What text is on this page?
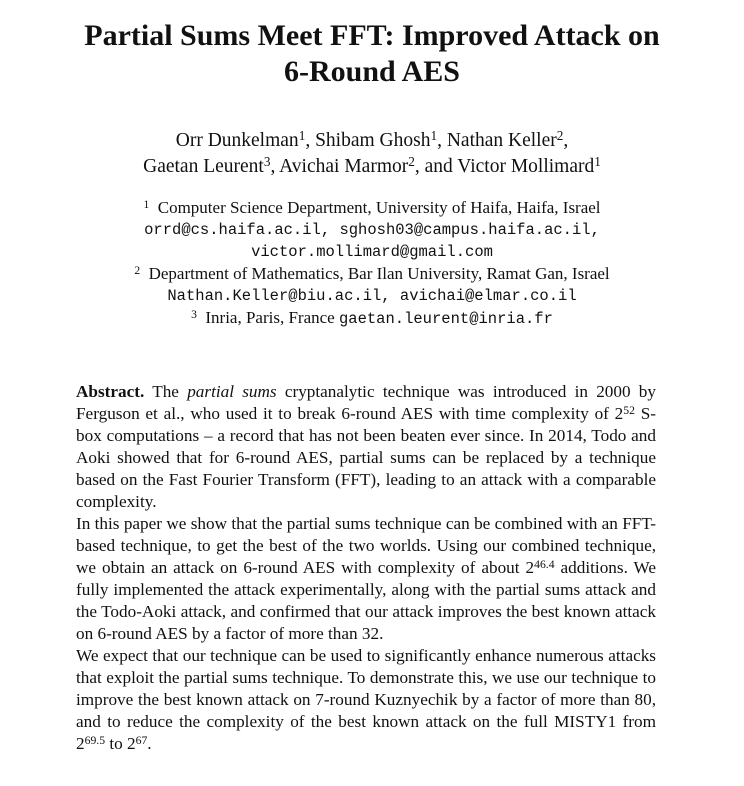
Partial Sums Meet FFT: Improved Attack on
6-Round AES
Orr Dunkelman$^1$, Shibam Ghosh$^1$, Nathan Keller$^2$,
Gaetan Leurent$^3$, Avichai Marmor$^2$, and Victor Mollimard$^1$
$^1$ Computer Science Department, University of Haifa, Haifa, Israel
orrd@cs.haifa.ac.il, sghosh03@campus.haifa.ac.il,
victor.mollimard@gmail.com
$^2$ Department of Mathematics, Bar Ilan University, Ramat Gan, Israel
Nathan.Keller@biu.ac.il, avichai@elmar.co.il
$^3$ Inria, Paris, France gaetan.leurent@inria.fr

Abstract. The partial sums cryptanalytic technique was introduced in 2000 by Ferguson et al., who used it to break 6-round AES with time complexity of $2^{52}$ S-box computations – a record that has not been beaten ever since. In 2014, Todo and Aoki showed that for 6-round AES, partial sums can be replaced by a technique based on the Fast Fourier Transform (FFT), leading to an attack with a comparable complexity.

In this paper we show that the partial sums technique can be combined with an FFT-based technique, to get the best of the two worlds. Using our combined technique, we obtain an attack on 6-round AES with complexity of about $2^{46.4}$ additions. We fully implemented the attack experimentally, along with the partial sums attack and the Todo-Aoki attack, and confirmed that our attack improves the best known attack on 6-round AES by a factor of more than 32.

We expect that our technique can be used to significantly enhance numerous attacks that exploit the partial sums technique. To demonstrate this, we use our technique to improve the best known attack on 7-round Kuznyechik by a factor of more than 80, and to reduce the complexity of the best known attack on the full MISTY1 from $2^{69.5}$ to $2^{67}$.
